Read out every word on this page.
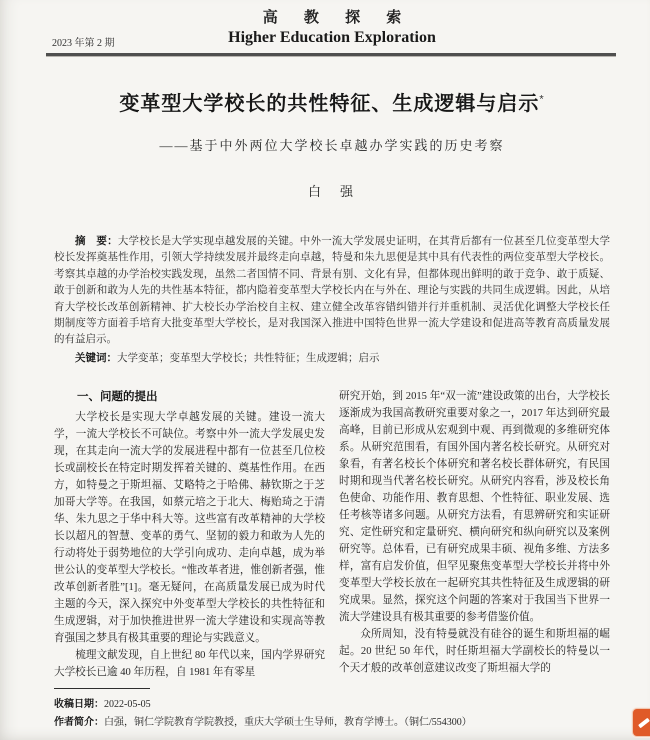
高 教 探 索
2023 年第 2 期	Higher Education Exploration
变革型大学校长的共性特征、生成逻辑与启示*
——基于中外两位大学校长卓越办学实践的历史考察
白　强

摘　要：大学校长是大学实现卓越发展的关键。中外一流大学发展史证明，在其背后都有一位甚至几位变革型大学校长发挥奠基性作用，引领大学持续发展并最终走向卓越，特曼和朱九思便是其中具有代表性的两位变革型大学校长。考察其卓越的办学治校实践发现，虽然二者国情不同、背景有别、文化有异，但都体现出鲜明的敢于竞争、敢于质疑、敢于创新和敢为人先的共性基本特征，都内隐着变革型大学校长内在与外在、理论与实践的共同生成逻辑。因此，从培育大学校长改革创新精神、扩大校长办学治校自主权、建立健全改革容错纠错并行并重机制、灵活优化调整大学校长任期制度等方面着手培育大批变革型大学校长，是对我国深入推进中国特色世界一流大学建设和促进高等教育高质量发展的有益启示。

关键词：大学变革；变革型大学校长；共性特征；生成逻辑；启示

一、问题的提出

大学校长是实现大学卓越发展的关键。建设一流大学，一流大学校长不可缺位。考察中外一流大学发展史发现，在其走向一流大学的发展进程中都有一位甚至几位校长或副校长在特定时期发挥着关键的、奠基性作用。在西方，如特曼之于斯坦福、艾略特之于哈佛、赫钦斯之于芝加哥大学等。在我国，如蔡元培之于北大、梅贻琦之于清华、朱九思之于华中科大等。这些富有改革精神的大学校长以超凡的智慧、变革的勇气、坚韧的毅力和敢为人先的行动将处于弱势地位的大学引向成功、走向卓越，成为举世公认的变革型大学校长。“惟改革者进，惟创新者强，惟改革创新者胜”[1]。毫无疑问，在高质量发展已成为时代主题的今天，深入探究中外变革型大学校长的共性特征和生成逻辑，对于加快推进世界一流大学建设和实现高等教育强国之梦具有极其重要的理论与实践意义。

梳理文献发现，自上世纪 80 年代以来，国内学界研究大学校长已逾 40 年历程，自 1981 年有零星

研究开始，到 2015 年“双一流”建设政策的出台，大学校长逐渐成为我国高教研究重要对象之一，2017 年达到研究最高峰，目前已形成从宏观到中观、再到微观的多维研究体系。从研究范围看，有国外国内著名校长研究。从研究对象看，有著名校长个体研究和著名校长群体研究，有民国时期和现当代著名校长研究。从研究内容看，涉及校长角色使命、功能作用、教育思想、个性特征、职业发展、选任考核等诸多问题。从研究方法看，有思辨研究和实证研究、定性研究和定量研究、横向研究和纵向研究以及案例研究等。总体看，已有研究成果丰硕、视角多维、方法多样，富有启发价值，但罕见聚焦变革型大学校长并将中外变革型大学校长放在一起研究其共性特征及生成逻辑的研究成果。显然，探究这个问题的答案对于我国当下世界一流大学建设具有极其重要的参考借鉴价值。

众所周知，没有特曼就没有硅谷的诞生和斯坦福的崛起。20 世纪 50 年代，时任斯坦福大学副校长的特曼以一个天才般的改革创意建议改变了斯坦福大学的

收稿日期：2022-05-05
作者简介：白强，铜仁学院教育学院教授，重庆大学硕士生导师，教育学博士。（铜仁/554300）
